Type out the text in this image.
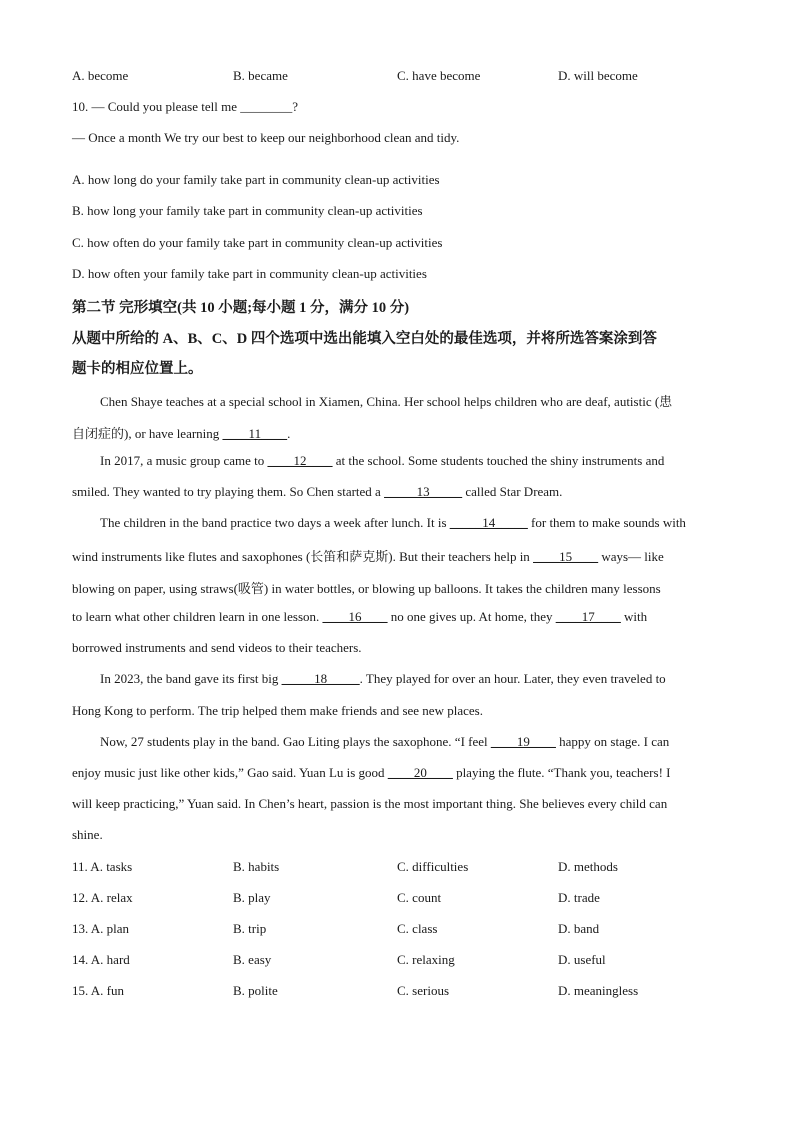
A. become	B. became	C. have become	D. will become
10. — Could you please tell me ________?
— Once a month We try our best to keep our neighborhood clean and tidy.
A. how long do your family take part in community clean-up activities
B. how long your family take part in community clean-up activities
C. how often do your family take part in community clean-up activities
D. how often your family take part in community clean-up activities
第二节 完形填空(共 10 小题;每小题 1 分，满分 10 分)
从题中所给的 A、B、C、D 四个选项中选出能填入空白处的最佳选项，并将所选答案涂到答
题卡的相应位置上。
Chen Shaye teaches at a special school in Xiamen, China. Her school helps children who are deaf, autistic (患
自闭症的), or have learning ____11____.
In 2017, a music group came to ____12____ at the school. Some students touched the shiny instruments and
smiled. They wanted to try playing them. So Chen started a _____13_____ called Star Dream.
The children in the band practice two days a week after lunch. It is _____14_____ for them to make sounds with
wind instruments like flutes and saxophones (长笛和萨克斯). But their teachers help in ____15____ ways— like
blowing on paper, using straws(吸管) in water bottles, or blowing up balloons. It takes the children many lessons
to learn what other children learn in one lesson. ____16____ no one gives up. At home, they ____17____ with
borrowed instruments and send videos to their teachers.
In 2023, the band gave its first big _____18_____. They played for over an hour. Later, they even traveled to
Hong Kong to perform. The trip helped them make friends and see new places.
Now, 27 students play in the band. Gao Liting plays the saxophone. “I feel ____19____ happy on stage. I can
enjoy music just like other kids,” Gao said. Yuan Lu is good ____20____ playing the flute. “Thank you, teachers! I
will keep practicing,” Yuan said. In Chen’s heart, passion is the most important thing. She believes every child can
shine.
11. A. tasks	B. habits	C. difficulties	D. methods
12. A. relax	B. play	C. count	D. trade
13. A. plan	B. trip	C. class	D. band
14. A. hard	B. easy	C. relaxing	D. useful
15. A. fun	B. polite	C. serious	D. meaningless
